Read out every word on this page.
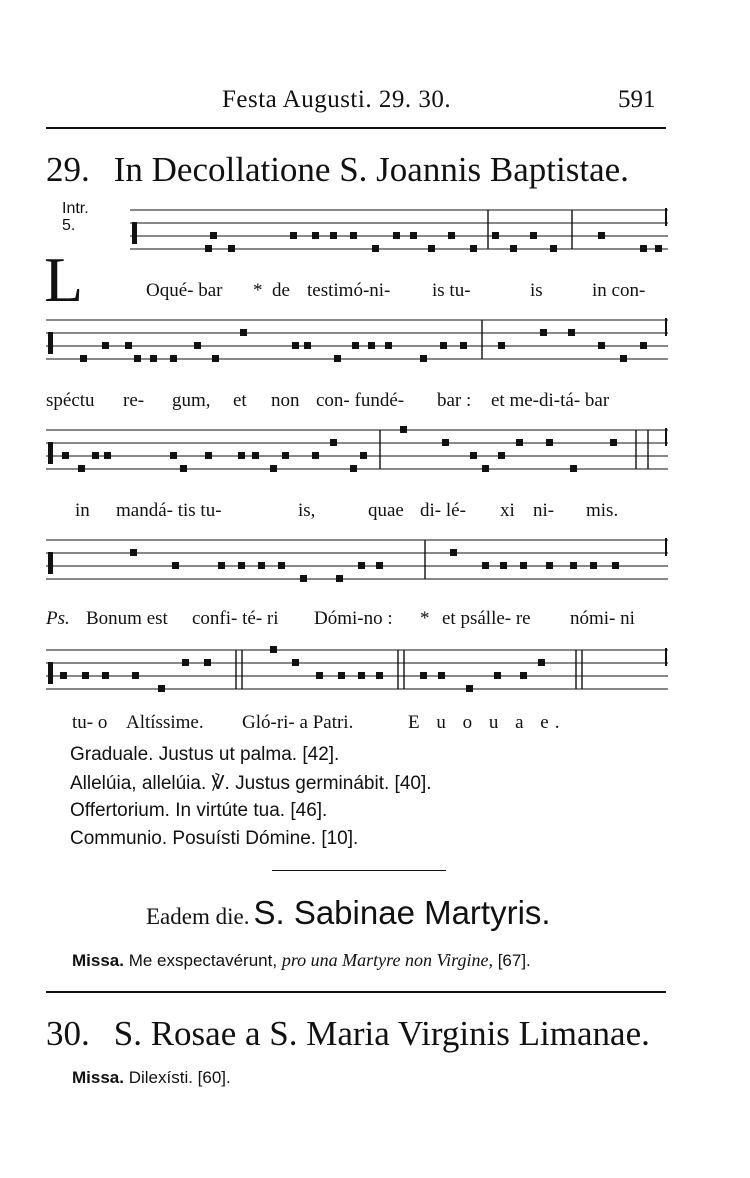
Festa Augusti. 29. 30.	591
29. In Decollatione S. Joannis Baptistae.
Intr.
5.
L	Oqué- bar * de testimó-ni- is tu-	is	in con-
spéctu re- gum, et non con- fundé- bar : et me-di-tá- bar
in mandá- tis tu-	is,	quae di- lé- xi ni- mis.
Ps. Bonum est confi- té- ri Dómi-no : * et psálle- re nómi- ni
tu- o Altíssime. Gló-ri- a Patri.	E u o u a e.
Graduale. Justus ut palma. [42].
Allelúia, allelúia. ℣. Justus germinábit. [40].
Offertorium. In virtúte tua. [46].
Communio. Posuísti Dómine. [10].
Eadem die. S. Sabinae Martyris.
Missa. Me exspectavérunt, pro una Martyre non Virgine, [67].
30. S. Rosae a S. Maria Virginis Limanae.
Missa. Dilexísti. [60].
